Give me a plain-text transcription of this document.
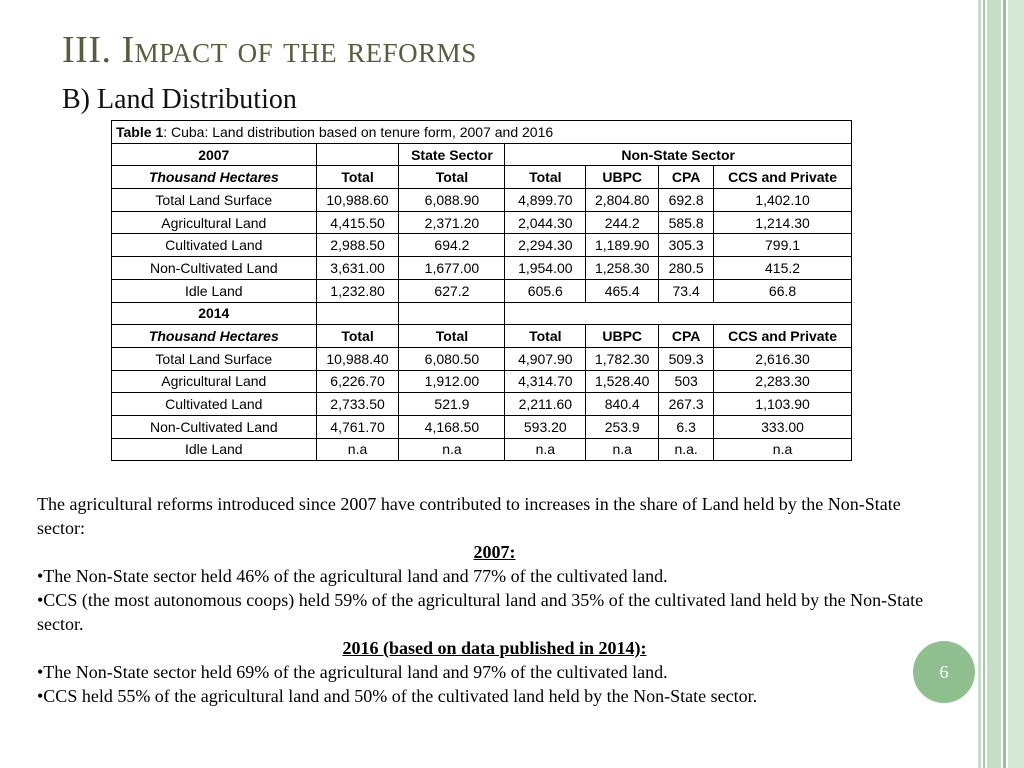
III. Impact of the reforms
B) Land Distribution
Table 1: Cuba: Land distribution based on tenure form, 2007 and 2016						
2007		State Sector	Non-State Sector			
Thousand Hectares	Total	Total	Total	UBPC	CPA	CCS and Private
Total Land Surface	10,988.60	6,088.90	4,899.70	2,804.80	692.8	1,402.10
Agricultural Land	4,415.50	2,371.20	2,044.30	244.2	585.8	1,214.30
Cultivated Land	2,988.50	694.2	2,294.30	1,189.90	305.3	799.1
Non-Cultivated Land	3,631.00	1,677.00	1,954.00	1,258.30	280.5	415.2
Idle Land	1,232.80	627.2	605.6	465.4	73.4	66.8
2014						
Thousand Hectares	Total	Total	Total	UBPC	CPA	CCS and Private
Total Land Surface	10,988.40	6,080.50	4,907.90	1,782.30	509.3	2,616.30
Agricultural Land	6,226.70	1,912.00	4,314.70	1,528.40	503	2,283.30
Cultivated Land	2,733.50	521.9	2,211.60	840.4	267.3	1,103.90
Non-Cultivated Land	4,761.70	4,168.50	593.20	253.9	6.3	333.00
Idle Land	n.a	n.a	n.a	n.a	n.a.	n.a

The agricultural reforms introduced since 2007 have contributed to increases in the share of Land held by the Non-State sector:

2007:

•The Non-State sector held 46% of the agricultural land and 77% of the cultivated land.

•CCS (the most autonomous coops) held 59% of the agricultural land and 35% of the cultivated land held by the Non-State sector.

2016 (based on data published in 2014):

•The Non-State sector held 69% of the agricultural land and 97% of the cultivated land.

•CCS held 55% of the agricultural land and 50% of the cultivated land held by the Non-State sector.

6
